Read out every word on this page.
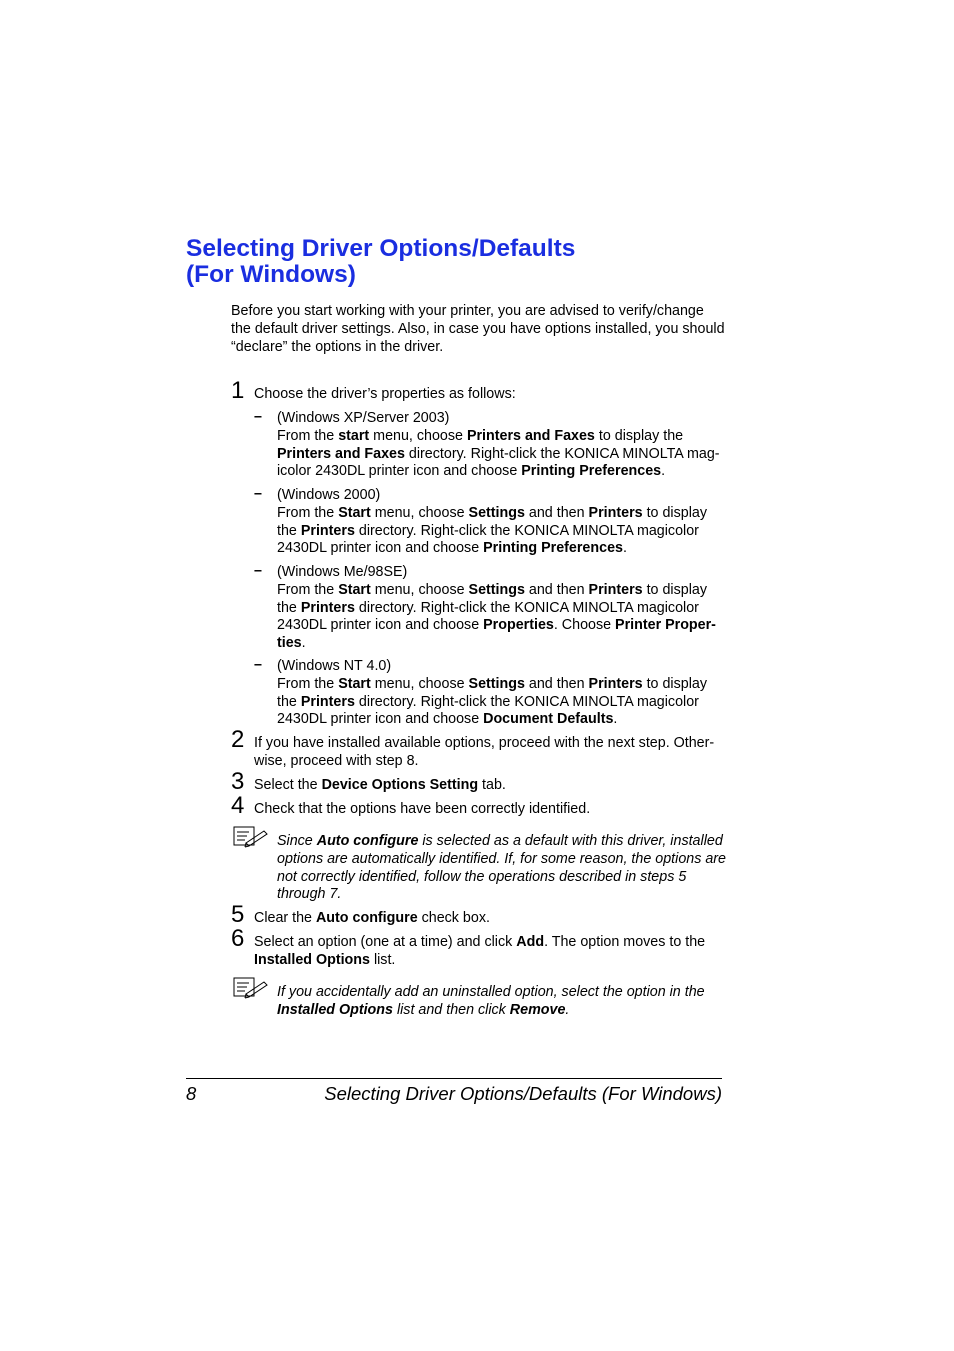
Selecting Driver Options/Defaults
(For Windows)

Before you start working with your printer, you are advised to verify/change the default driver settings. Also, in case you have options installed, you should “declare” the options in the driver.

1 Choose the driver’s properties as follows:

– (Windows XP/Server 2003)
From the start menu, choose Printers and Faxes to display the
Printers and Faxes directory. Right-click the KONICA MINOLTA mag-icolor 2430DL printer icon and choose Printing Preferences.

– (Windows 2000)
From the Start menu, choose Settings and then Printers to display the Printers directory. Right-click the KONICA MINOLTA magicolor 2430DL printer icon and choose Printing Preferences.

– (Windows Me/98SE)
From the Start menu, choose Settings and then Printers to display the Printers directory. Right-click the KONICA MINOLTA magicolor 2430DL printer icon and choose Properties. Choose Printer Proper-ties.

– (Windows NT 4.0)
From the Start menu, choose Settings and then Printers to display the Printers directory. Right-click the KONICA MINOLTA magicolor 2430DL printer icon and choose Document Defaults.

2 If you have installed available options, proceed with the next step. Other-wise, proceed with step 8.

3 Select the Device Options Setting tab.

4 Check that the options have been correctly identified.

Since Auto configure is selected as a default with this driver, installed options are automatically identified. If, for some reason, the options are not correctly identified, follow the operations described in steps 5 through 7.

5 Clear the Auto configure check box.

6 Select an option (one at a time) and click Add. The option moves to the
Installed Options list.

If you accidentally add an uninstalled option, select the option in the
Installed Options list and then click Remove.

8	Selecting Driver Options/Defaults (For Windows)
